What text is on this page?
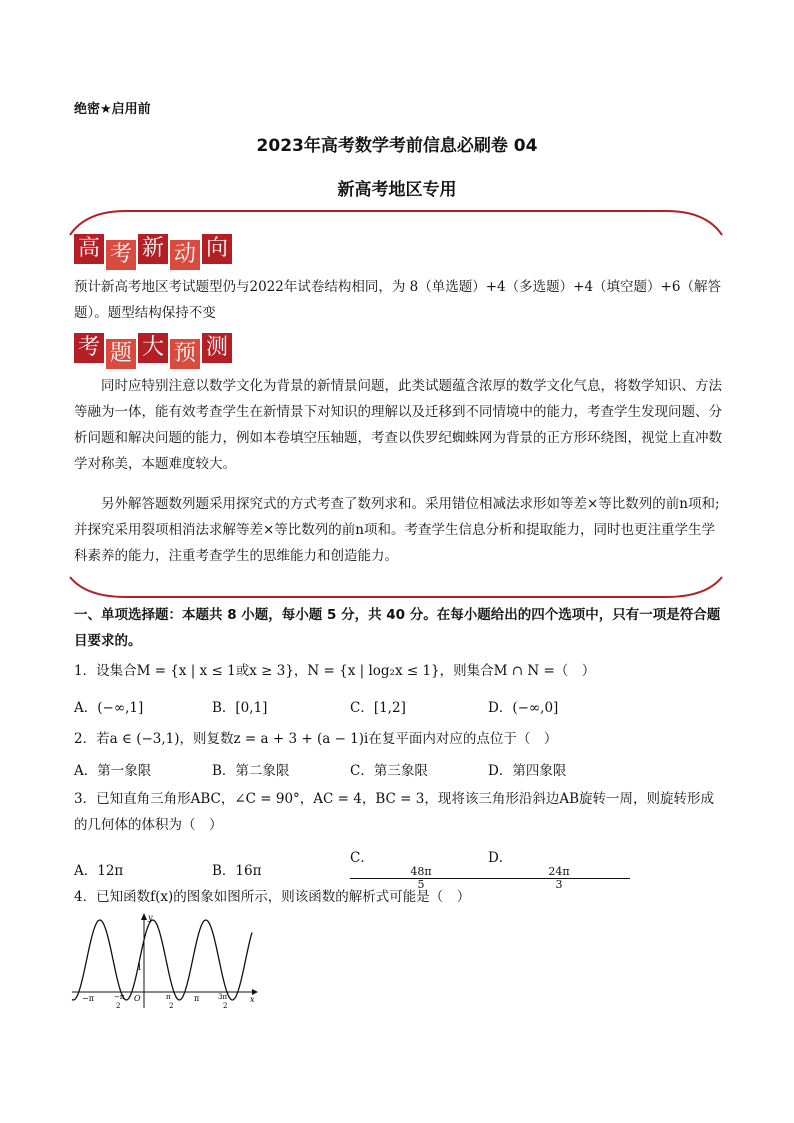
绝密★启用前
2023年高考数学考前信息必刷卷 04
新高考地区专用
高 考 新 动 向
预计新高考地区考试题型仍与2022年试卷结构相同，为 8（单选题）+4（多选题）+4（填空题）+6（解答题）。题型结构保持不变
考 题 大 预 测
同时应特别注意以数学文化为背景的新情景问题，此类试题蕴含浓厚的数学文化气息，将数学知识、方法等融为一体，能有效考查学生在新情景下对知识的理解以及迁移到不同情境中的能力，考查学生发现问题、分析问题和解决问题的能力，例如本卷填空压轴题，考查以佚罗纪蜘蛛网为背景的正方形环绕图，视觉上直冲数学对称美，本题难度较大。
另外解答题数列题采用探究式的方式考查了数列求和。采用错位相减法求形如等差×等比数列的前n项和; 并探究采用裂项相消法求解等差×等比数列的前n项和。考查学生信息分析和提取能力，同时也更注重学生学科素养的能力，注重考查学生的思维能力和创造能力。
一、单项选择题：本题共 8 小题，每小题 5 分，共 40 分。在每小题给出的四个选项中，只有一项是符合题目要求的。
1．设集合M = {x | x ≤ 1或x ≥ 3}，N = {x | log₂x ≤ 1}，则集合M ∩ N =（　）
A．(−∞,1]	B．[0,1]	C．[1,2]	D．(−∞,0]
2．若a ∈ (−3,1)，则复数z = a + 3 + (a − 1)i在复平面内对应的点位于（　）
A．第一象限	B．第二象限	C．第三象限	D．第四象限
3．已知直角三角形ABC，∠C = 90°，AC = 4，BC = 3，现将该三角形沿斜边AB旋转一周，则旋转形成的几何体的体积为（　）
A．12π	B．16π
C．
$\frac{48\pi}{5}$
D．
$\frac{24\pi}{3}$
4．已知函数f(x)的图象如图所示，则该函数的解析式可能是（　）
y
x
O
1
−π	−π
2
π
2
π	3π
2
